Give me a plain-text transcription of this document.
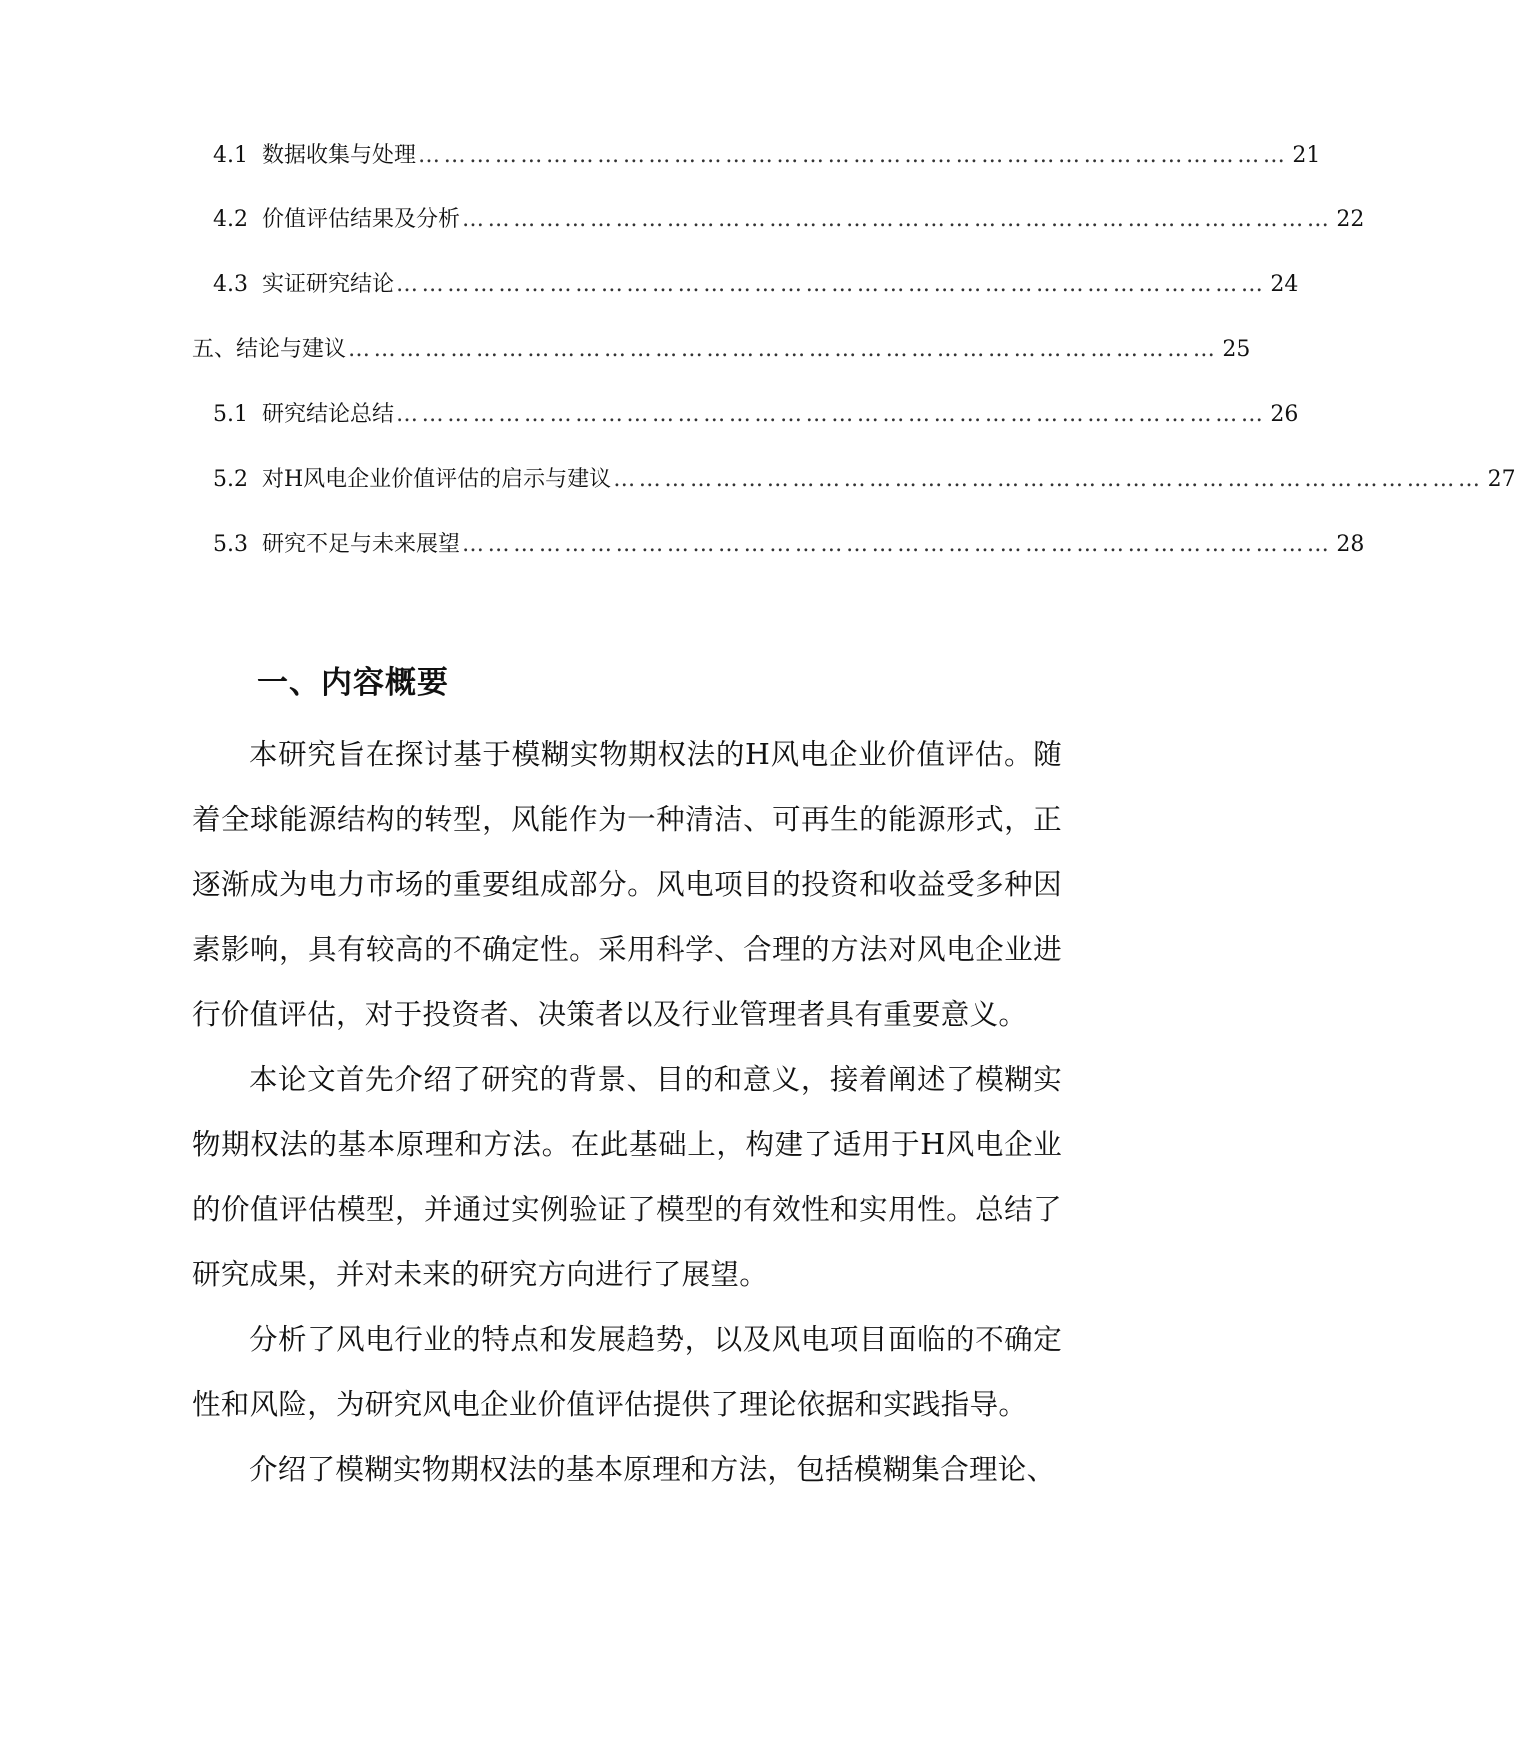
4.1 数据收集与处理 ………………………………………………………………………………………… 21
4.2 价值评估结果及分析 ………………………………………………………………………………………… 22
4.3 实证研究结论 ………………………………………………………………………………………… 24
五、结论与建议 ………………………………………………………………………………………… 25
5.1 研究结论总结 ………………………………………………………………………………………… 26
5.2 对H风电企业价值评估的启示与建议 ………………………………………………………………………………………… 27
5.3 研究不足与未来展望 ………………………………………………………………………………………… 28
一、内容概要

本研究旨在探讨基于模糊实物期权法的H风电企业价值评估。随着全球能源结构的转型，风能作为一种清洁、可再生的能源形式，正逐渐成为电力市场的重要组成部分。风电项目的投资和收益受多种因素影响，具有较高的不确定性。采用科学、合理的方法对风电企业进行价值评估，对于投资者、决策者以及行业管理者具有重要意义。

本论文首先介绍了研究的背景、目的和意义，接着阐述了模糊实物期权法的基本原理和方法。在此基础上，构建了适用于H风电企业的价值评估模型，并通过实例验证了模型的有效性和实用性。总结了研究成果，并对未来的研究方向进行了展望。

分析了风电行业的特点和发展趋势，以及风电项目面临的不确定性和风险，为研究风电企业价值评估提供了理论依据和实践指导。

介绍了模糊实物期权法的基本原理和方法，包括模糊集合理论、
